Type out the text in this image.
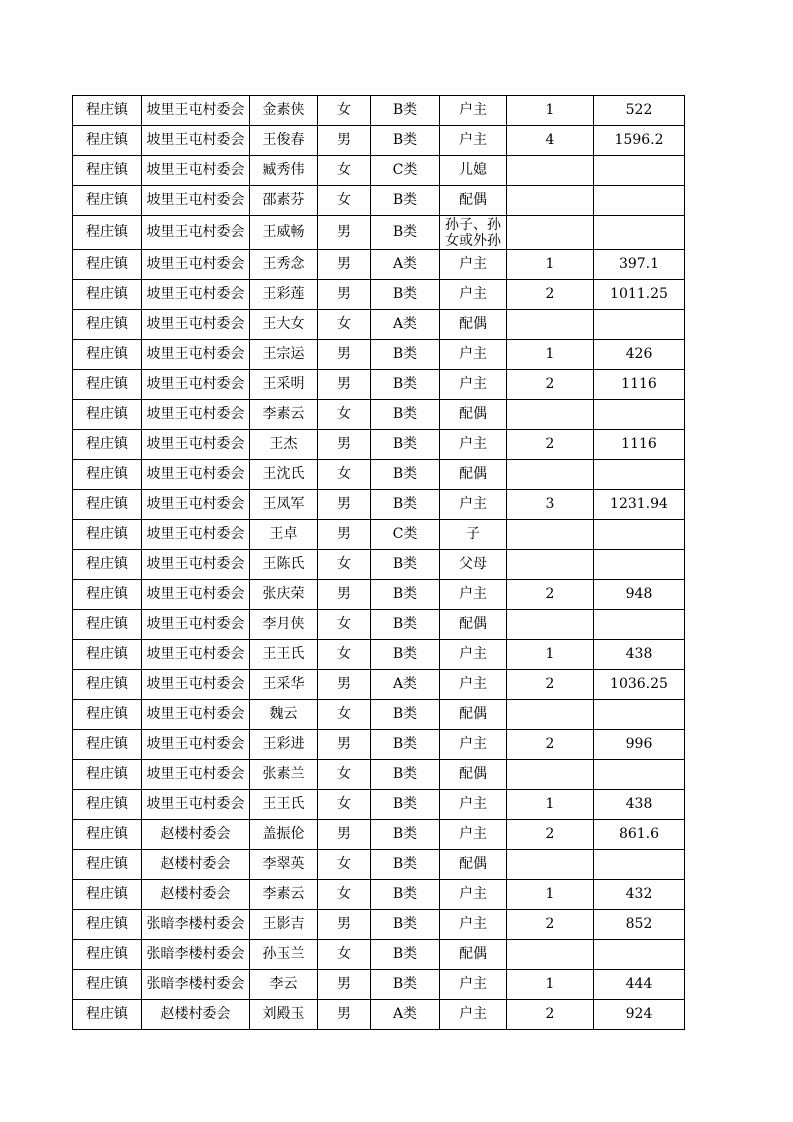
程庄镇	坡里王屯村委会	金素侠	女	B类	户主	1	522
程庄镇	坡里王屯村委会	王俊春	男	B类	户主	4	1596.2
程庄镇	坡里王屯村委会	臧秀伟	女	C类	儿媳		
程庄镇	坡里王屯村委会	邵素芬	女	B类	配偶		
程庄镇	坡里王屯村委会	王威畅	男	B类	孙子、孙女或外孙		
程庄镇	坡里王屯村委会	王秀念	男	A类	户主	1	397.1
程庄镇	坡里王屯村委会	王彩莲	男	B类	户主	2	1011.25
程庄镇	坡里王屯村委会	王大女	女	A类	配偶		
程庄镇	坡里王屯村委会	王宗运	男	B类	户主	1	426
程庄镇	坡里王屯村委会	王采明	男	B类	户主	2	1116
程庄镇	坡里王屯村委会	李素云	女	B类	配偶		
程庄镇	坡里王屯村委会	王杰	男	B类	户主	2	1116
程庄镇	坡里王屯村委会	王沈氏	女	B类	配偶		
程庄镇	坡里王屯村委会	王凤军	男	B类	户主	3	1231.94
程庄镇	坡里王屯村委会	王卓	男	C类	子		
程庄镇	坡里王屯村委会	王陈氏	女	B类	父母		
程庄镇	坡里王屯村委会	张庆荣	男	B类	户主	2	948
程庄镇	坡里王屯村委会	李月侠	女	B类	配偶		
程庄镇	坡里王屯村委会	王王氏	女	B类	户主	1	438
程庄镇	坡里王屯村委会	王采华	男	A类	户主	2	1036.25
程庄镇	坡里王屯村委会	魏云	女	B类	配偶		
程庄镇	坡里王屯村委会	王彩进	男	B类	户主	2	996
程庄镇	坡里王屯村委会	张素兰	女	B类	配偶		
程庄镇	坡里王屯村委会	王王氏	女	B类	户主	1	438
程庄镇	赵楼村委会	盖振伦	男	B类	户主	2	861.6
程庄镇	赵楼村委会	李翠英	女	B类	配偶		
程庄镇	赵楼村委会	李素云	女	B类	户主	1	432
程庄镇	张暗李楼村委会	王影吉	男	B类	户主	2	852
程庄镇	张暗李楼村委会	孙玉兰	女	B类	配偶		
程庄镇	张暗李楼村委会	李云	男	B类	户主	1	444
程庄镇	赵楼村委会	刘殿玉	男	A类	户主	2	924
